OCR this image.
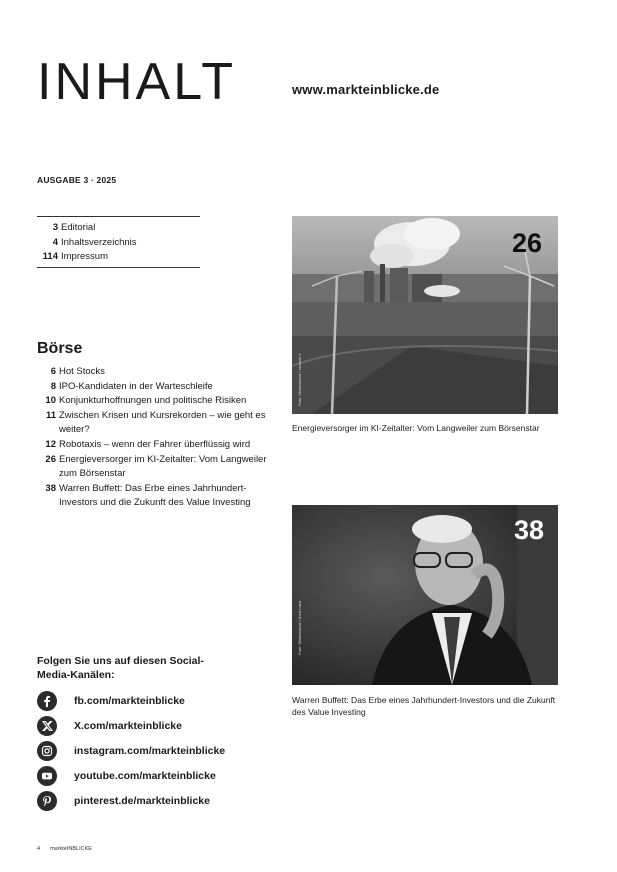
INHALT	www.markteinblicke.de
AUSGABE 3 · 2025
3 Editorial
4 Inhaltsverzeichnis
114 Impressum
Börse
6 Hot Stocks
8 IPO-Kandidaten in der Warteschleife
10 Konjunkturhoffnungen und politische Risiken
11 Zwischen Krisen und Kursrekorden – wie geht es weiter?
12 Robotaxis – wenn der Fahrer überflüssig wird
26 Energieversorger im KI-Zeitalter: Vom Langweiler zum Börsenstar
38 Warren Buffett: Das Erbe eines Jahrhundert-Investors und die Zukunft des Value Investing
Folgen Sie uns auf diesen Social-Media-Kanälen:
fb.com/markteinblicke
X.com/markteinblicke
instagram.com/markteinblicke
youtube.com/markteinblicke
pinterest.de/markteinblicke
26
Foto: Shutterstock / rommel 3
Energieversorger im KI-Zeitalter: Vom Langweiler zum Börsenstar
38
Foto: Shutterstock / Kent Laird
Warren Buffett: Das Erbe eines Jahrhundert-Investors und die Zukunft des Value Investing
4 markteINBLICKE
